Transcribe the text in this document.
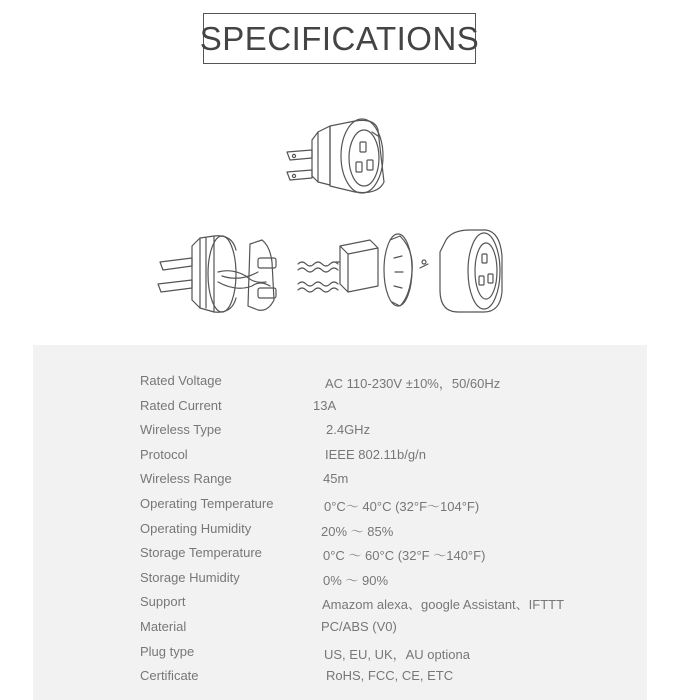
SPECIFICATIONS
Rated Voltage	AC 110-230V ±10%，50/60Hz
Rated Current	13A
Wireless Type	2.4GHz
Protocol	IEEE 802.11b/g/n
Wireless Range	45m
Operating Temperature	0°C～ 40°C (32°F～104°F)
Operating Humidity	20% ～ 85%
Storage Temperature	0°C ～ 60°C (32°F ～140°F)
Storage Humidity	0% ～ 90%
Support	Amazom alexa、google Assistant、IFTTT
Material	PC/ABS (V0)
Plug type	US, EU, UK，AU optiona
Certificate	RoHS, FCC, CE, ETC
